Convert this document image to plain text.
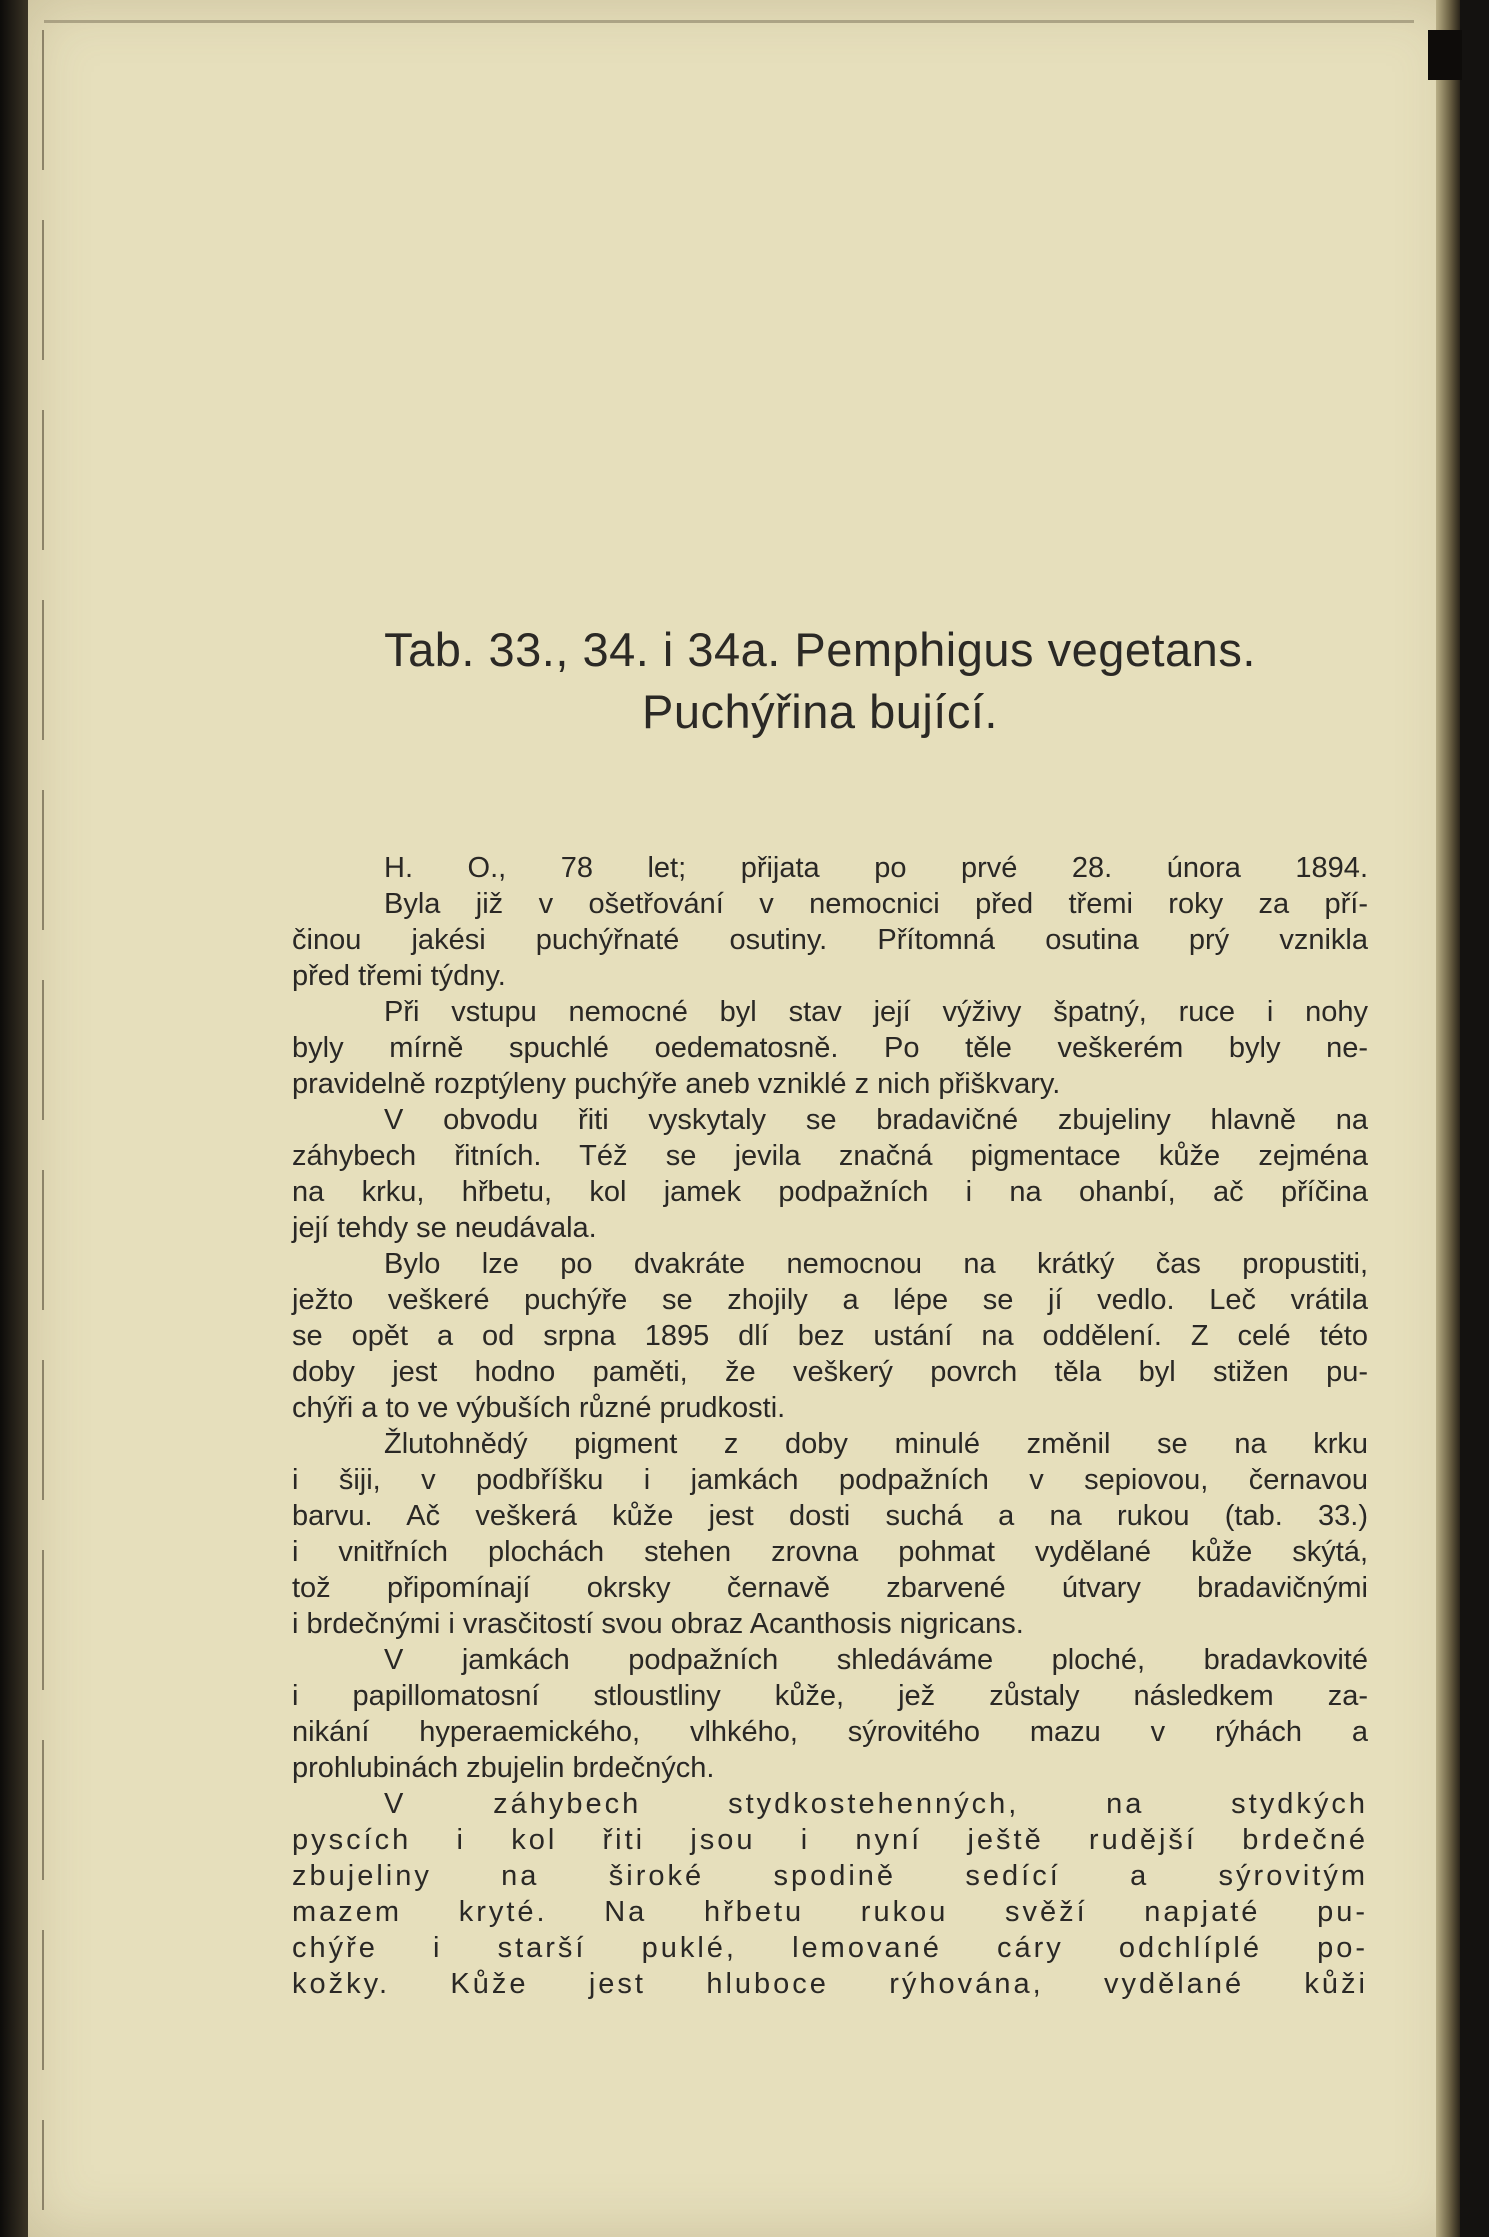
Tab. 33., 34. i 34a. Pemphigus vegetans.
Puchýřina bující.
H. O., 78 let; přijata po prvé 28. února 1894.
Byla již v ošetřování v nemocnici před třemi roky za pří-
činou jakési puchýřnaté osutiny. Přítomná osutina prý vznikla
před třemi týdny.
Při vstupu nemocné byl stav její výživy špatný, ruce i nohy
byly mírně spuchlé oedematosně. Po těle veškerém byly ne-
pravidelně rozptýleny puchýře aneb vzniklé z nich přiškvary.
V obvodu řiti vyskytaly se bradavičné zbujeliny hlavně na
záhybech řitních. Též se jevila značná pigmentace kůže zejména
na krku, hřbetu, kol jamek podpažních i na ohanbí, ač příčina
její tehdy se neudávala.
Bylo lze po dvakráte nemocnou na krátký čas propustiti,
ježto veškeré puchýře se zhojily a lépe se jí vedlo. Leč vrátila
se opět a od srpna 1895 dlí bez ustání na oddělení. Z celé této
doby jest hodno paměti, že veškerý povrch těla byl stižen pu-
chýři a to ve výbuších různé prudkosti.
Žlutohnědý pigment z doby minulé změnil se na krku
i šiji, v podbříšku i jamkách podpažních v sepiovou, černavou
barvu. Ač veškerá kůže jest dosti suchá a na rukou (tab. 33.)
i vnitřních plochách stehen zrovna pohmat vydělané kůže skýtá,
tož připomínají okrsky černavě zbarvené útvary bradavičnými
i brdečnými i vrasčitostí svou obraz Acanthosis nigricans.
V jamkách podpažních shledáváme ploché, bradavkovité
i papillomatosní stloustliny kůže, jež zůstaly následkem za-
nikání hyperaemického, vlhkého, sýrovitého mazu v rýhách a
prohlubinách zbujelin brdečných.
V záhybech stydkostehenných, na stydkých
pyscích i kol řiti jsou i nyní ještě rudější brdečné
zbujeliny na široké spodině sedící a sýrovitým
mazem kryté. Na hřbetu rukou svěží napjaté pu-
chýře i starší puklé, lemované cáry odchlíplé po-
kožky. Kůže jest hluboce rýhována, vydělané kůži
